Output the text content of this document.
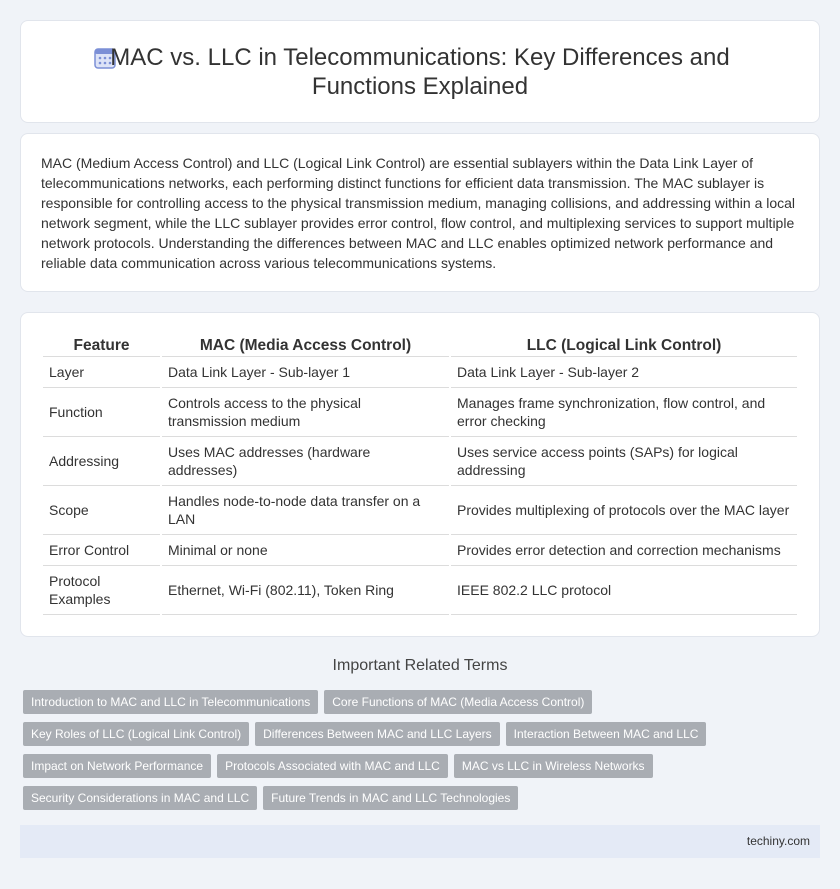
MAC vs. LLC in Telecommunications: Key Differences and Functions Explained

MAC (Medium Access Control) and LLC (Logical Link Control) are essential sublayers within the Data Link Layer of telecommunications networks, each performing distinct functions for efficient data transmission. The MAC sublayer is responsible for controlling access to the physical transmission medium, managing collisions, and addressing within a local network segment, while the LLC sublayer provides error control, flow control, and multiplexing services to support multiple network protocols. Understanding the differences between MAC and LLC enables optimized network performance and reliable data communication across various telecommunications systems.

Feature	MAC (Media Access Control)	LLC (Logical Link Control)
Layer	Data Link Layer - Sub-layer 1	Data Link Layer - Sub-layer 2
Function	Controls access to the physical transmission medium	Manages frame synchronization, flow control, and error checking
Addressing	Uses MAC addresses (hardware addresses)	Uses service access points (SAPs) for logical addressing
Scope	Handles node-to-node data transfer on a LAN	Provides multiplexing of protocols over the MAC layer
Error Control	Minimal or none	Provides error detection and correction mechanisms
Protocol Examples	Ethernet, Wi-Fi (802.11), Token Ring	IEEE 802.2 LLC protocol
Important Related Terms
Introduction to MAC and LLC in Telecommunications	Core Functions of MAC (Media Access Control)
Key Roles of LLC (Logical Link Control)	Differences Between MAC and LLC Layers	Interaction Between MAC and LLC
Impact on Network Performance	Protocols Associated with MAC and LLC	MAC vs LLC in Wireless Networks
Security Considerations in MAC and LLC	Future Trends in MAC and LLC Technologies
techiny.com
